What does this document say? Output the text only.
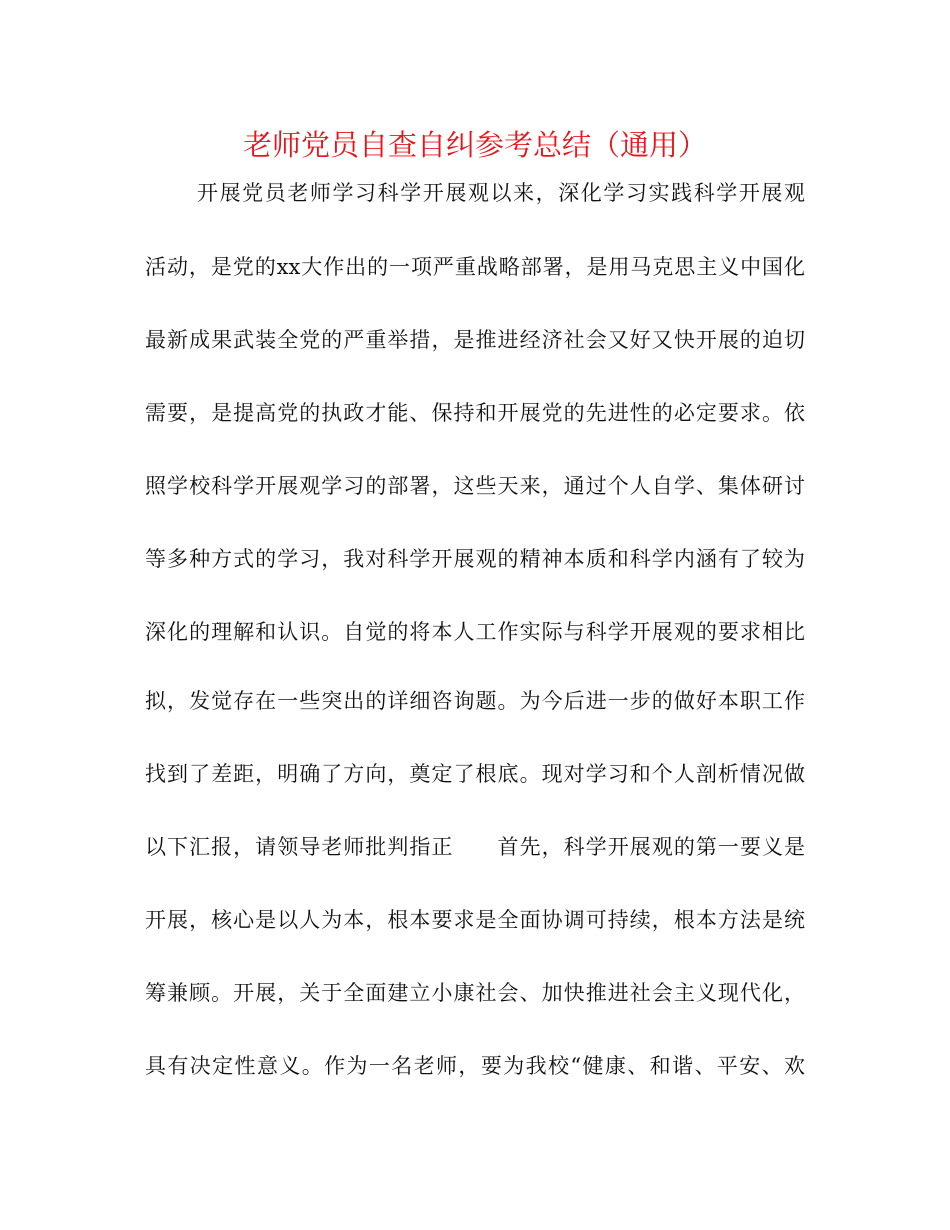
老师党员自查自纠参考总结（通用）
开展党员老师学习科学开展观以来，深化学习实践科学开展观
活动，是党的xx大作出的一项严重战略部署，是用马克思主义中国化
最新成果武装全党的严重举措，是推进经济社会又好又快开展的迫切
需要，是提高党的执政才能、保持和开展党的先进性的必定要求。依
照学校科学开展观学习的部署，这些天来，通过个人自学、集体研讨
等多种方式的学习，我对科学开展观的精神本质和科学内涵有了较为
深化的理解和认识。自觉的将本人工作实际与科学开展观的要求相比
拟，发觉存在一些突出的详细咨询题。为今后进一步的做好本职工作
找到了差距，明确了方向，奠定了根底。现对学习和个人剖析情况做
以下汇报，请领导老师批判指正　　首先，科学开展观的第一要义是
开展，核心是以人为本，根本要求是全面协调可持续，根本方法是统
筹兼顾。开展，关于全面建立小康社会、加快推进社会主义现代化，
具有决定性意义。作为一名老师，要为我校“健康、和谐、平安、欢
